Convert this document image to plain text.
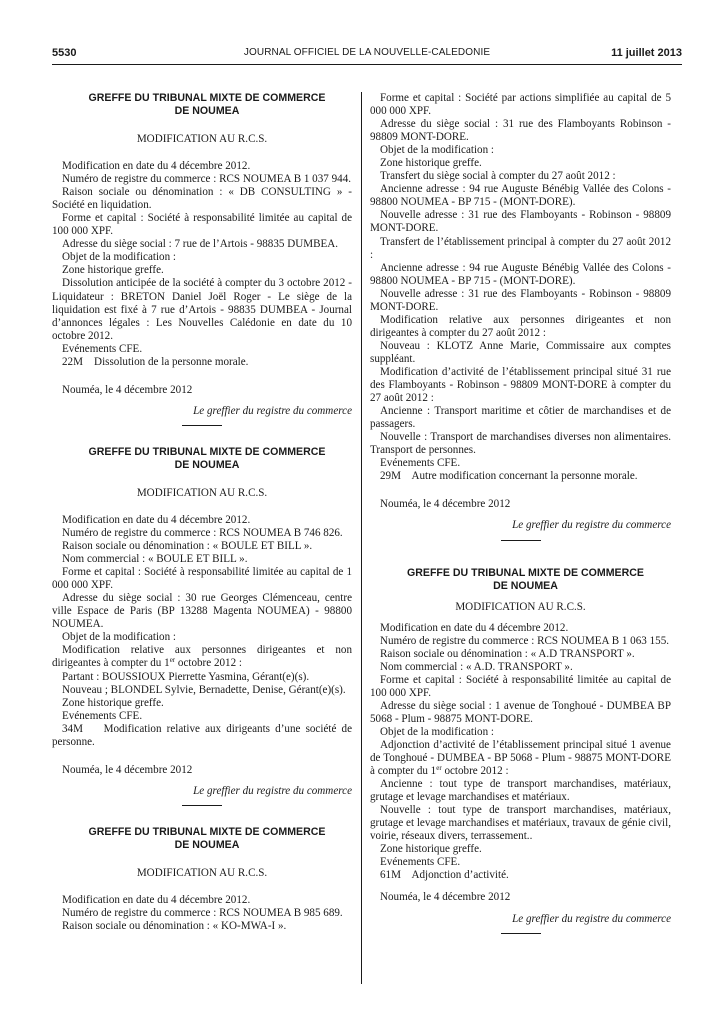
5530	JOURNAL OFFICIEL DE LA NOUVELLE-CALEDONIE	11 juillet 2013

GREFFE DU TRIBUNAL MIXTE DE COMMERCE

DE NOUMEA

MODIFICATION AU R.C.S.

Modification en date du 4 décembre 2012.

Numéro de registre du commerce : RCS NOUMEA B 1 037 944.

Raison sociale ou dénomination : « DB CONSULTING » - Société en liquidation.

Forme et capital : Société à responsabilité limitée au capital de 100 000 XPF.

Adresse du siège social : 7 rue de l’Artois - 98835 DUMBEA.

Objet de la modification :

Zone historique greffe.

Dissolution anticipée de la société à compter du 3 octobre 2012 - Liquidateur : BRETON Daniel Joël Roger - Le siège de la liquidation est fixé à 7 rue d’Artois - 98835 DUMBEA - Journal d’annonces légales : Les Nouvelles Calédonie en date du 10 octobre 2012.

Evénements CFE.

22M    Dissolution de la personne morale.

Nouméa, le 4 décembre 2012

Le greffier du registre du commerce

GREFFE DU TRIBUNAL MIXTE DE COMMERCE

DE NOUMEA

MODIFICATION AU R.C.S.

Modification en date du 4 décembre 2012.

Numéro de registre du commerce : RCS NOUMEA B 746 826.

Raison sociale ou dénomination : « BOULE ET BILL ».

Nom commercial : « BOULE ET BILL ».

Forme et capital : Société à responsabilité limitée au capital de 1 000 000 XPF.

Adresse du siège social : 30 rue Georges Clémenceau, centre ville Espace de Paris (BP 13288 Magenta NOUMEA) - 98800 NOUMEA.

Objet de la modification :

Modification relative aux personnes dirigeantes et non dirigeantes à compter du 1er octobre 2012 :

Partant : BOUSSIOUX Pierrette Yasmina, Gérant(e)(s).

Nouveau ; BLONDEL Sylvie, Bernadette, Denise, Gérant(e)(s).

Zone historique greffe.

Evénements CFE.

34M    Modification relative aux dirigeants d’une société de personne.

Nouméa, le 4 décembre 2012

Le greffier du registre du commerce

GREFFE DU TRIBUNAL MIXTE DE COMMERCE

DE NOUMEA

MODIFICATION AU R.C.S.

Modification en date du 4 décembre 2012.

Numéro de registre du commerce : RCS NOUMEA B 985 689.

Raison sociale ou dénomination : « KO-MWA-I ».

Forme et capital : Société par actions simplifiée au capital de 5 000 000 XPF.

Adresse du siège social : 31 rue des Flamboyants Robinson - 98809 MONT-DORE.

Objet de la modification :

Zone historique greffe.

Transfert du siège social à compter du 27 août 2012 :

Ancienne adresse : 94 rue Auguste Bénébig Vallée des Colons - 98800 NOUMEA - BP 715 - (MONT-DORE).

Nouvelle adresse : 31 rue des Flamboyants - Robinson - 98809 MONT-DORE.

Transfert de l’établissement principal à compter du 27 août 2012 :

Ancienne adresse : 94 rue Auguste Bénébig Vallée des Colons - 98800 NOUMEA - BP 715 - (MONT-DORE).

Nouvelle adresse : 31 rue des Flamboyants - Robinson - 98809 MONT-DORE.

Modification relative aux personnes dirigeantes et non dirigeantes à compter du 27 août 2012 :

Nouveau : KLOTZ Anne Marie, Commissaire aux comptes suppléant.

Modification d’activité de l’établissement principal situé 31 rue des Flamboyants - Robinson - 98809 MONT-DORE à compter du 27 août 2012 :

Ancienne : Transport maritime et côtier de marchandises et de passagers.

Nouvelle : Transport de marchandises diverses non alimentaires. Transport de personnes.

Evénements CFE.

29M    Autre modification concernant la personne morale.

Nouméa, le 4 décembre 2012

Le greffier du registre du commerce

GREFFE DU TRIBUNAL MIXTE DE COMMERCE

DE NOUMEA

MODIFICATION AU R.C.S.

Modification en date du 4 décembre 2012.

Numéro de registre du commerce : RCS NOUMEA B 1 063 155.

Raison sociale ou dénomination : « A.D TRANSPORT ».

Nom commercial : « A.D. TRANSPORT ».

Forme et capital : Société à responsabilité limitée au capital de 100 000 XPF.

Adresse du siège social : 1 avenue de Tonghoué - DUMBEA BP 5068 - Plum - 98875 MONT-DORE.

Objet de la modification :

Adjonction d’activité de l’établissement principal situé 1 avenue de Tonghoué - DUMBEA - BP 5068 - Plum - 98875 MONT-DORE à compter du 1er octobre 2012 :

Ancienne : tout type de transport marchandises, matériaux, grutage et levage marchandises et matériaux.

Nouvelle : tout type de transport marchandises, matériaux, grutage et levage marchandises et matériaux, travaux de génie civil, voirie, réseaux divers, terrassement..

Zone historique greffe.

Evénements CFE.

61M    Adjonction d’activité.

Nouméa, le 4 décembre 2012

Le greffier du registre du commerce
